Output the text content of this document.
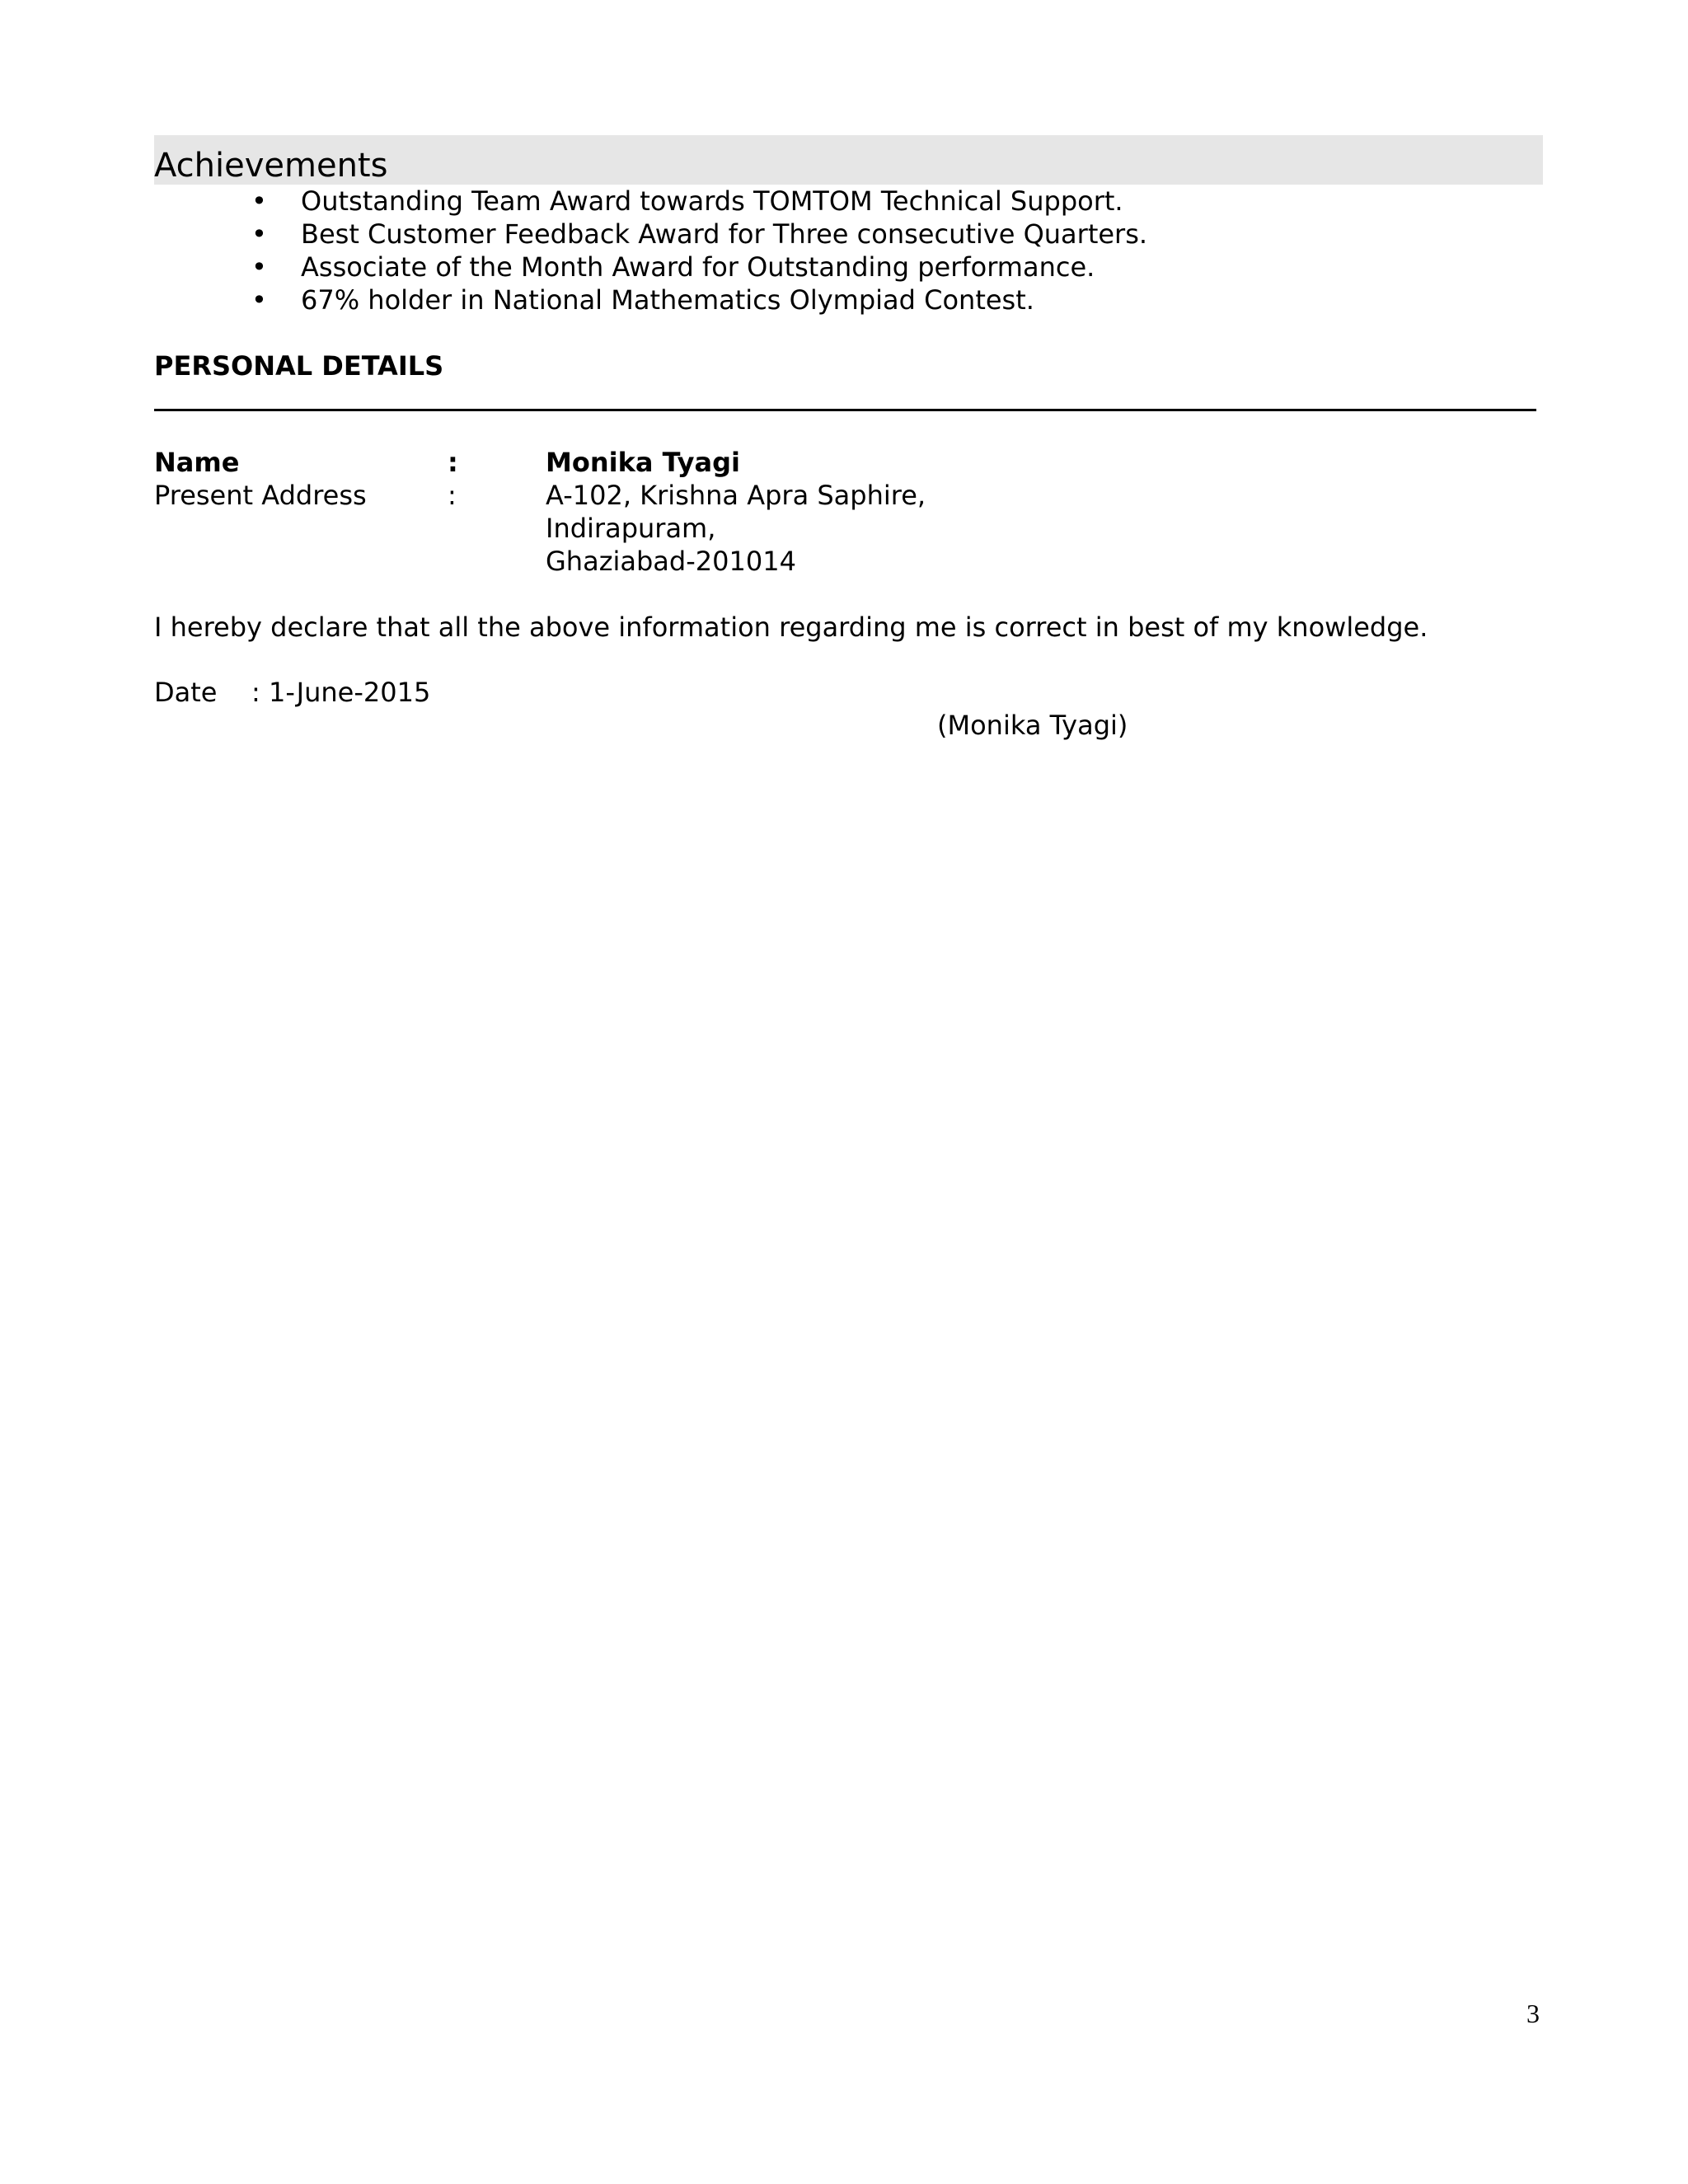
Achievements
• Outstanding Team Award towards TOMTOM Technical Support.
• Best Customer Feedback Award for Three consecutive Quarters.
• Associate of the Month Award for Outstanding performance.
• 67% holder in National Mathematics Olympiad Contest.
PERSONAL DETAILS
Name	:	Monika Tyagi
Present Address	:	A-102, Krishna Apra Saphire,
Indirapuram,
Ghaziabad-201014
I hereby declare that all the above information regarding me is correct in best of my knowledge.
Date : 1-June-2015
(Monika Tyagi)
3
